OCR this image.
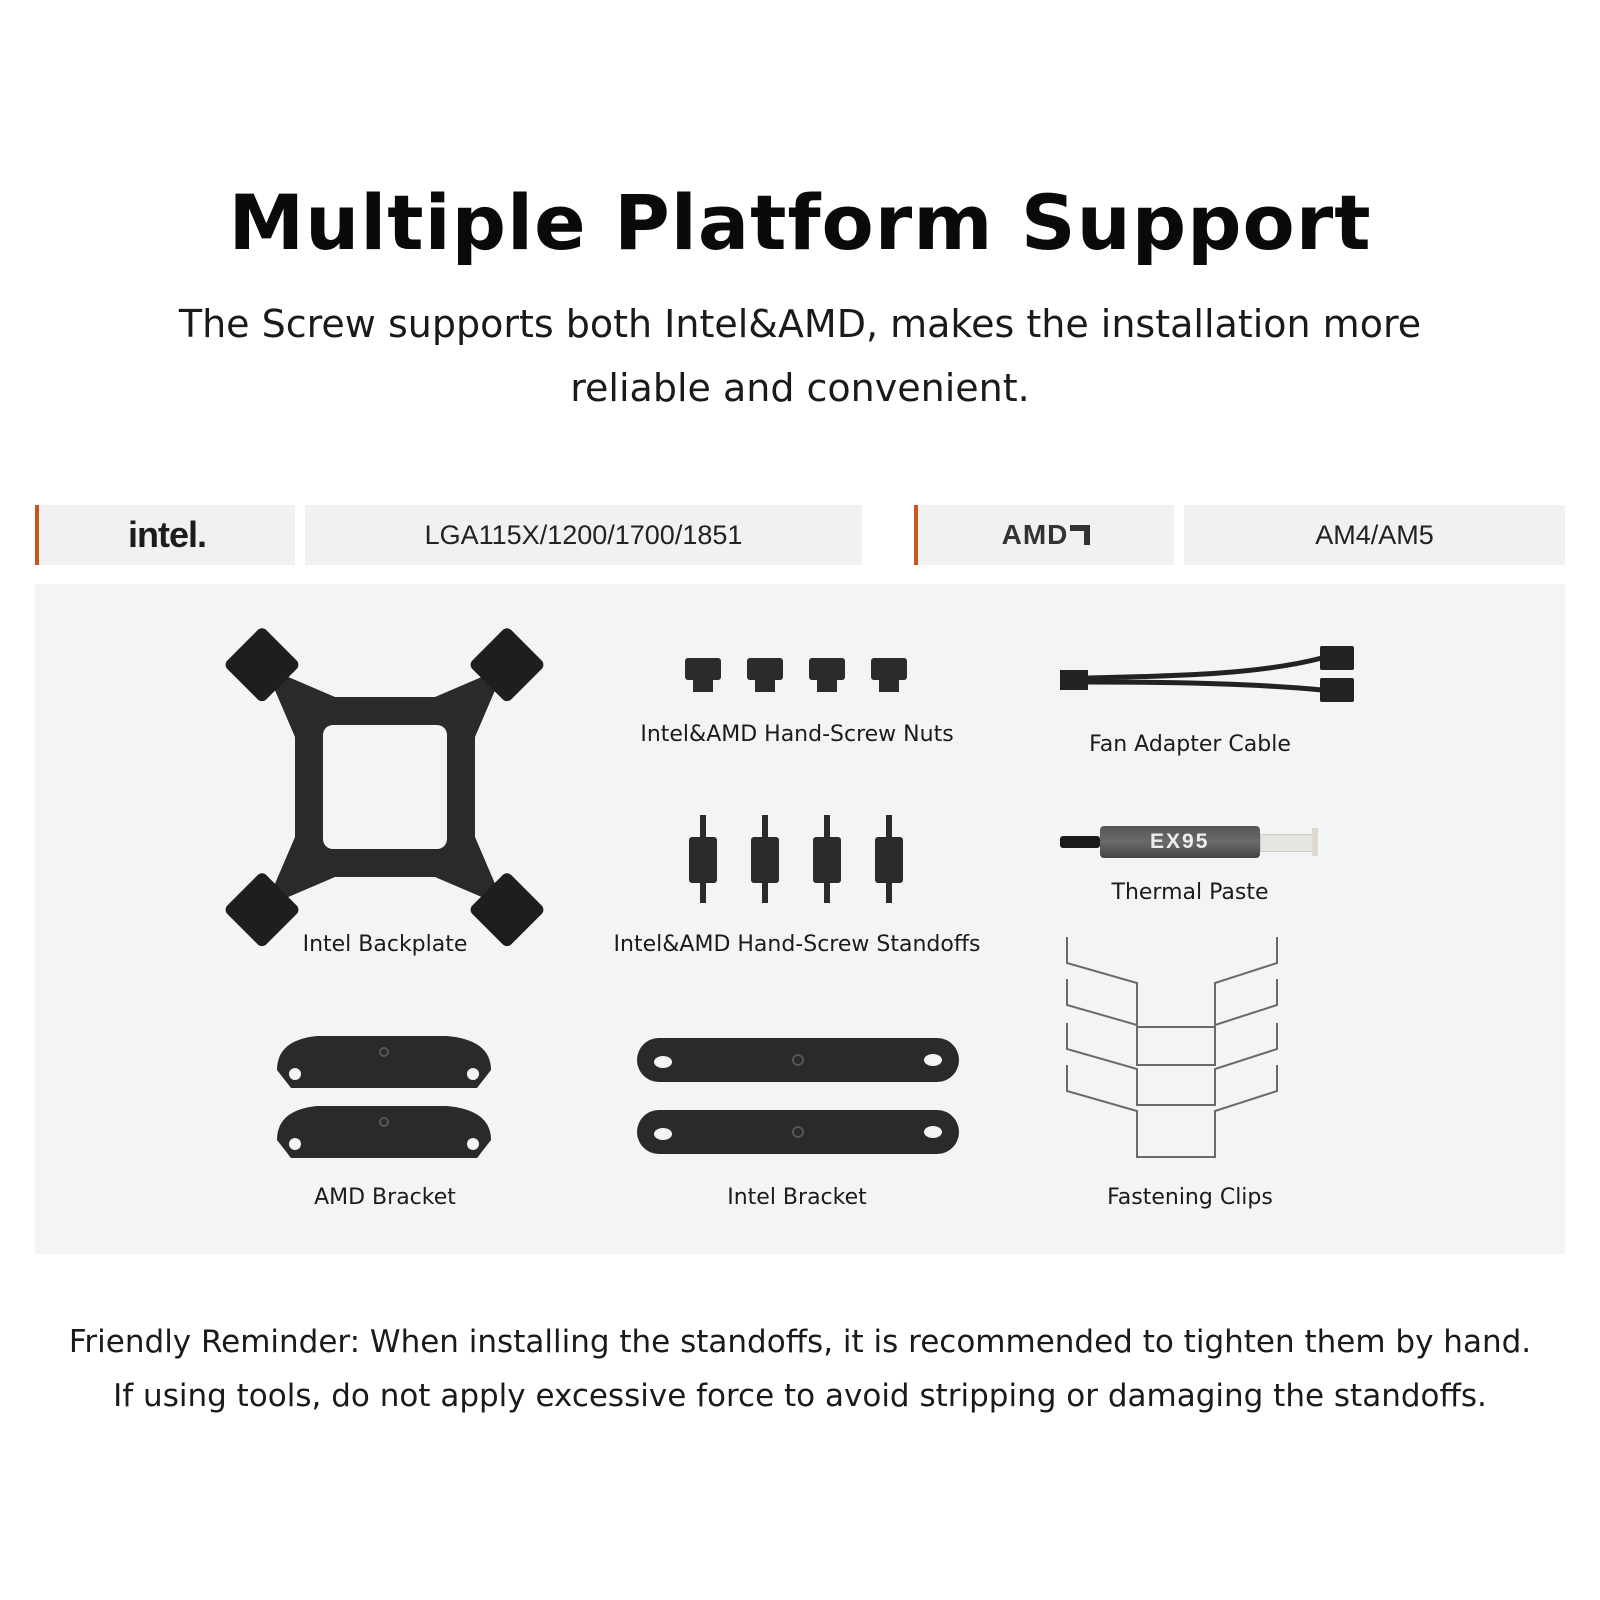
Multiple Platform Support
The Screw supports both Intel&AMD, makes the installation more
reliable and convenient.
intel.	LGA115X/1200/1700/1851	AMD	AM4/AM5
Intel Backplate
Intel&AMD Hand-Screw Nuts
Intel&AMD Hand-Screw Standoffs
Fan Adapter Cable
EX95
Thermal Paste
AMD Bracket	Intel Bracket	Fastening Clips
Friendly Reminder: When installing the standoffs, it is recommended to tighten them by hand.
If using tools, do not apply excessive force to avoid stripping or damaging the standoffs.
